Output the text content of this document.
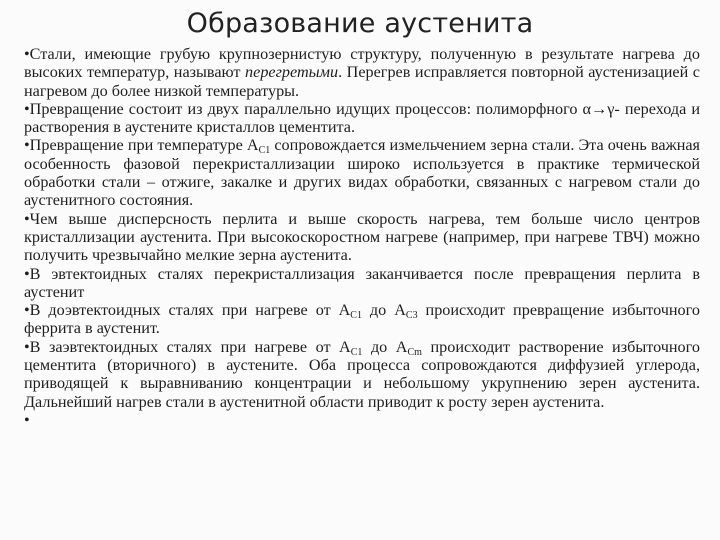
Образование аустенита
•Стали, имеющие грубую крупнозернистую структуру, полученную в результате нагрева до высоких температур, называют перегретыми. Перегрев исправляется повторной аустенизацией с нагревом до более низкой температуры.
•Превращение состоит из двух параллельно идущих процессов: полиморфного α→γ- перехода и растворения в аустените кристаллов цементита.
•Превращение при температуре $А_{С1}$ сопровождается измельчением зерна стали. Эта очень важная особенность фазовой перекристаллизации широко используется в практике термической обработки стали – отжиге, закалке и других видах обработки, связанных с нагревом стали до аустенитного состояния.
•Чем выше дисперсность перлита и выше скорость нагрева, тем больше число центров кристаллизации аустенита. При высокоскоростном нагреве (например, при нагреве ТВЧ) можно получить чрезвычайно мелкие зерна аустенита.
•В эвтектоидных сталях перекристаллизация заканчивается после превращения перлита в аустенит
•В доэвтектоидных сталях при нагреве от $А_{С1}$ до $А_{С3}$ происходит превращение избыточного феррита в аустенит.
•В заэвтектоидных сталях при нагреве от $А_{С1}$ до $А_{Сm}$ происходит растворение избыточного цементита (вторичного) в аустените. Оба процесса сопровождаются диффузией углерода, приводящей к выравниванию концентрации и небольшому укрупнению зерен аустенита. Дальнейший нагрев стали в аустенитной области приводит к росту зерен аустенита.
•
